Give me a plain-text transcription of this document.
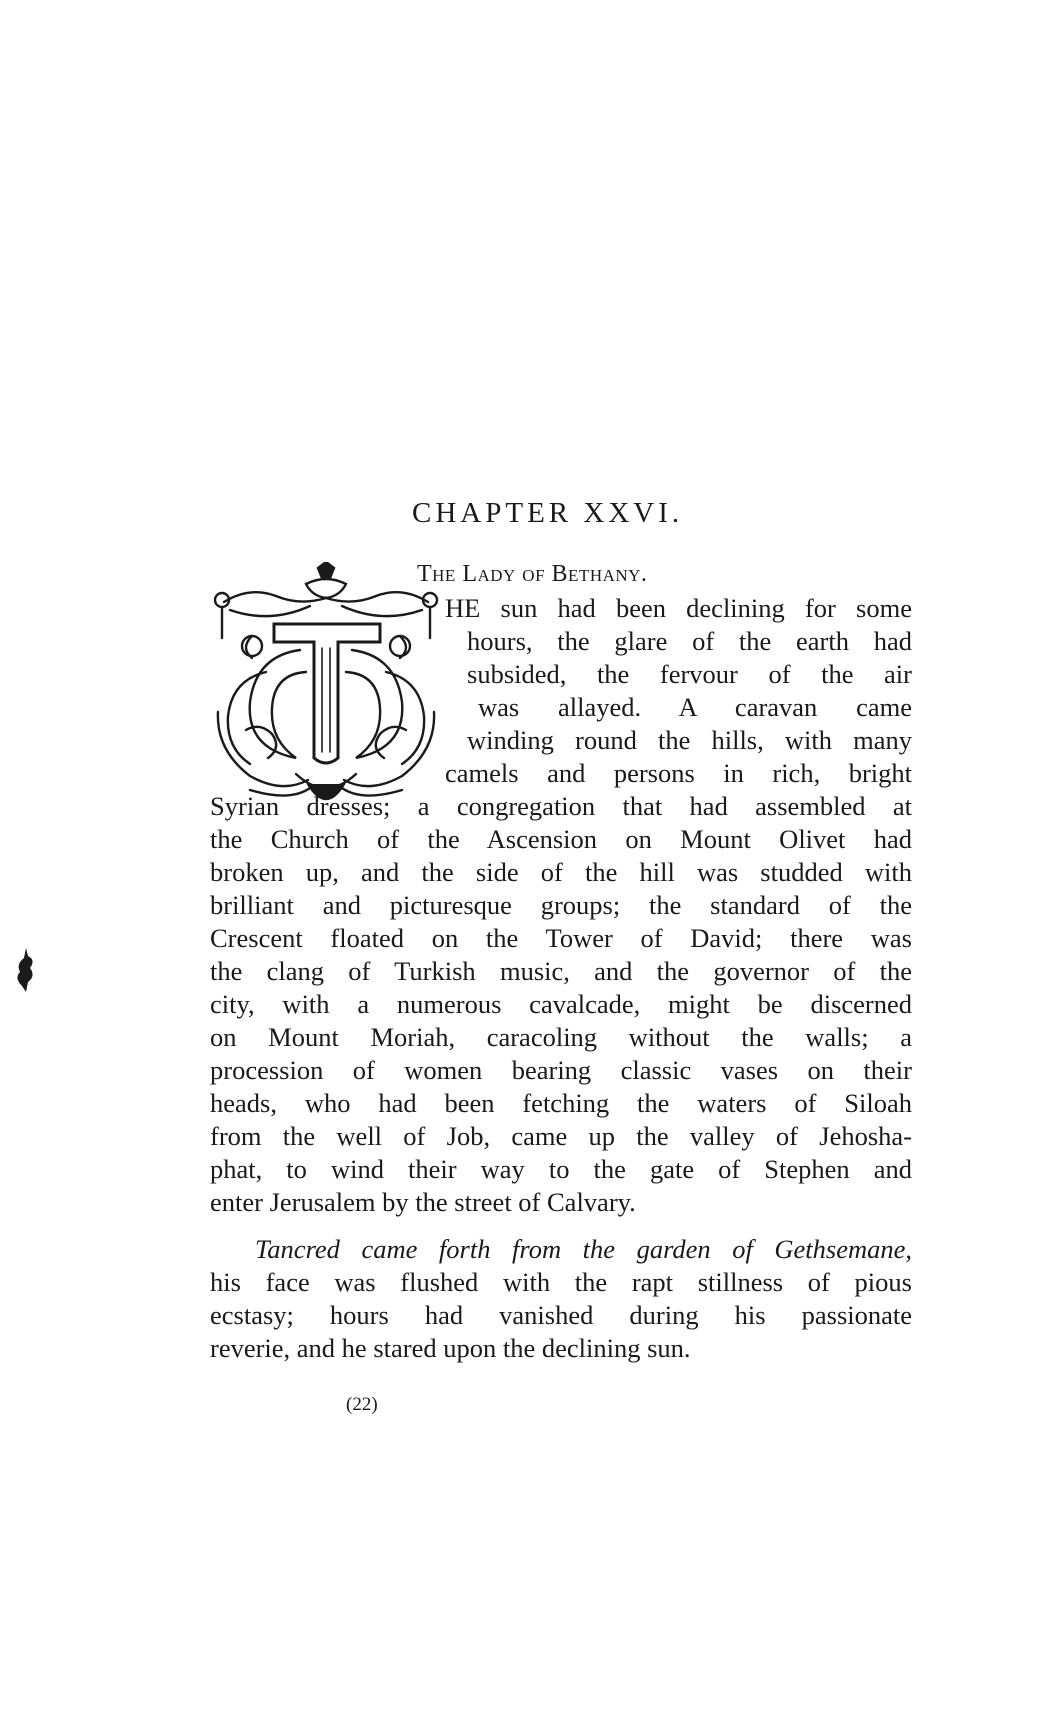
CHAPTER XXVI.
The Lady of Bethany.
HE sun had been declining for some
hours, the glare of the earth had
subsided, the fervour of the air
was allayed. A caravan came
winding round the hills, with many
camels and persons in rich, bright
Syrian dresses; a congregation that had assembled at
the Church of the Ascension on Mount Olivet had
broken up, and the side of the hill was studded with
brilliant and picturesque groups; the standard of the
Crescent floated on the Tower of David; there was
the clang of Turkish music, and the governor of the
city, with a numerous cavalcade, might be discerned
on Mount Moriah, caracoling without the walls; a
procession of women bearing classic vases on their
heads, who had been fetching the waters of Siloah
from the well of Job, came up the valley of Jehosha-
phat, to wind their way to the gate of Stephen and
enter Jerusalem by the street of Calvary.
Tancred came forth from the garden of Gethsemane,
his face was flushed with the rapt stillness of pious
ecstasy; hours had vanished during his passionate
reverie, and he stared upon the declining sun.
(22)
